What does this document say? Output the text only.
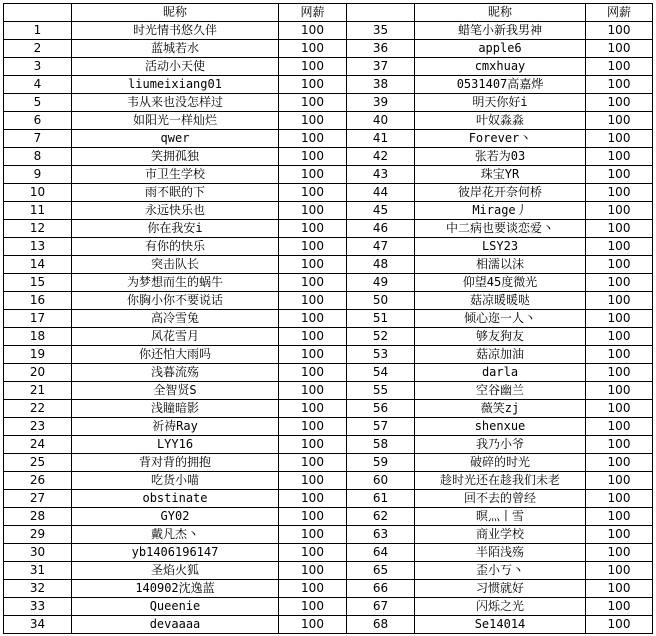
	昵称	网薪		昵称	网薪
1	时光情书悠久伴	100	35	蜡笔小新我男神	100
2	蓝城若水	100	36	apple6	100
3	活动小天使	100	37	cmxhuay	100
4	liumeixiang01	100	38	0531407高嘉烨	100
5	韦从来也没怎样过	100	39	明天你好i	100
6	如阳光一样灿烂	100	40	叶奴淼淼	100
7	qwer	100	41	Forever丶	100
8	笑拥孤独	100	42	张若为03	100
9	市卫生学校	100	43	珠宝YR	100
10	雨不眠的下	100	44	彼岸花开奈何桥	100
11	永远快乐也	100	45	Mirage丿	100
12	你在我安i	100	46	中二病也要谈恋爱丶	100
13	有你的快乐	100	47	LSY23	100
14	突击队长	100	48	相濡以沫	100
15	为梦想而生的蜗牛	100	49	仰望45度微光	100
16	你胸小你不要说话	100	50	菇凉暖暖哒	100
17	高冷雪兔	100	51	倾心迩一人丶	100
18	风花雪月	100	52	够友狗友	100
19	你还怕大雨吗	100	53	菇凉加油	100
20	浅暮流殇	100	54	darla	100
21	全智贤S	100	55	空谷幽兰	100
22	浅瞳暗影	100	56	薇笑zj	100
23	祈祷Ray	100	57	shenxue	100
24	LYY16	100	58	我乃小爷	100
25	背对背的拥抱	100	59	破碎的时光	100
26	吃货小喵	100	60	趁时光还在趁我们未老	100
27	obstinate	100	61	回不去的曾经	100
28	GY02	100	62	暝灬丨雪	100
29	戴凡杰丶	100	63	商业学校	100
30	yb1406196147	100	64	半陌浅殇	100
31	圣焰火狐	100	65	歪小丂丶	100
32	140902沈逸蓝	100	66	习惯就好	100
33	Queenie	100	67	闪烁之光	100
34	devaaaa	100	68	Se14014	100
